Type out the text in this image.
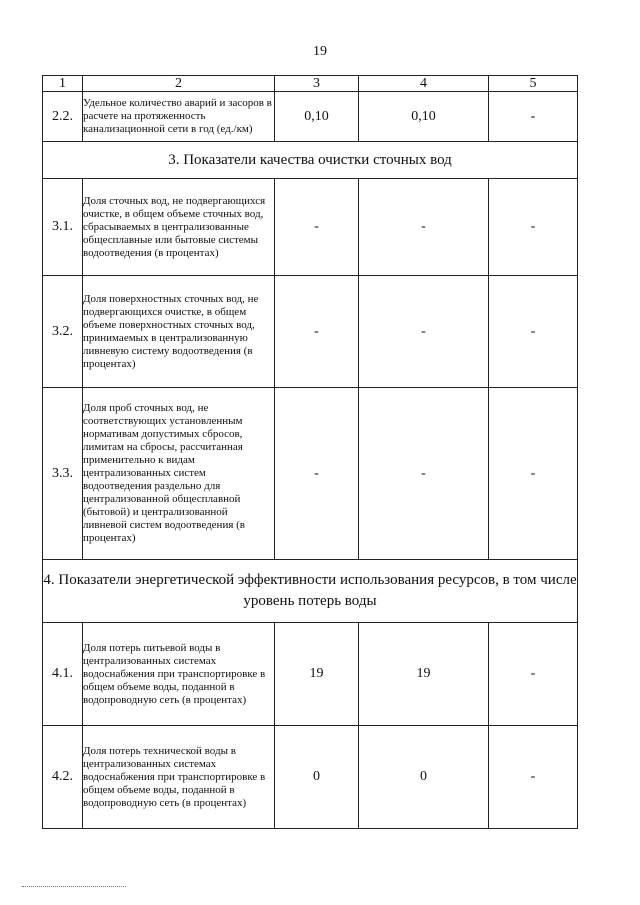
19
1	2	3	4	5
2.2.	Удельное количество аварий и засоров в расчете на протяженность канализационной сети в год (ед./км)	0,10	0,10	-
3. Показатели качества очистки сточных вод				
3.1.	Доля сточных вод, не подвергающихся очистке, в общем объеме сточных вод, сбрасываемых в централизованные общесплавные или бытовые системы водоотведения (в процентах)	-	-	-
3.2.	Доля поверхностных сточных вод, не подвергающихся очистке, в общем объеме поверхностных сточных вод, принимаемых в централизованную ливневую систему водоотведения (в процентах)	-	-	-
3.3.	Доля проб сточных вод, не соответствующих установленным нормативам допустимых сбросов, лимитам на сбросы, рассчитанная применительно к видам централизованных систем водоотведения раздельно для централизованной общесплавной (бытовой) и централизованной ливневой систем водоотведения (в процентах)	-	-	-
4. Показатели энергетической эффективности использования ресурсов, в том числе уровень потерь воды				
4.1.	Доля потерь питьевой воды в централизованных системах водоснабжения при транспортировке в общем объеме воды, поданной в водопроводную сеть (в процентах)	19	19	-
4.2.	Доля потерь технической воды в централизованных системах водоснабжения при транспортировке в общем объеме воды, поданной в водопроводную сеть (в процентах)	0	0	-
